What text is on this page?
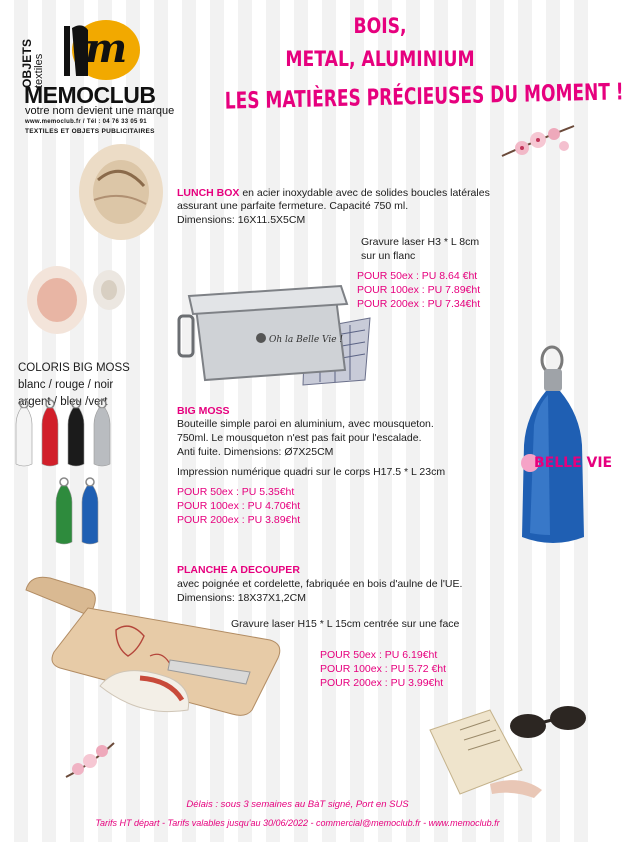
OBJETS textiles m
MEMOCLUB
votre nom devient une marque
www.memoclub.fr / Tél : 04 76 33 05 91
TEXTILES ET OBJETS PUBLICITAIRES
BOIS,
METAL, ALUMINIUM
LES MATIÈRES PRÉCIEUSES DU MOMENT !
COLORIS BIG MOSS
blanc / rouge / noir
argent / bleu /vert
LUNCH BOX en acier inoxydable avec de solides boucles latérales
assurant une parfaite fermeture. Capacité 750 ml.
Dimensions: 16X11.5X5CM
Gravure laser H3 * L 8cm
sur un flanc
POUR 50ex : PU 8.64 €ht
POUR 100ex : PU 7.89€ht
POUR 200ex : PU 7.34€ht
Oh la Belle Vie !
BIG MOSS
Bouteille simple paroi en aluminium, avec mousqueton.
750ml. Le mousqueton n'est pas fait pour l'escalade.
Anti fuite. Dimensions: Ø7X25CM
Impression numérique quadri sur le corps H17.5 * L 23cm
POUR 50ex : PU 5.35€ht
POUR 100ex : PU 4.70€ht
POUR 200ex : PU 3.89€ht
BELLE VIE
PLANCHE A DECOUPER
avec poignée et cordelette, fabriquée en bois d'aulne de l'UE.
Dimensions: 18X37X1,2CM
Gravure laser H15 * L 15cm centrée sur une face
POUR 50ex : PU 6.19€ht
POUR 100ex : PU 5.72 €ht
POUR 200ex : PU 3.99€ht
Délais : sous 3 semaines au BàT signé, Port en SUS
Tarifs HT départ - Tarifs valables jusqu'au 30/06/2022 - commercial@memoclub.fr - www.memoclub.fr
